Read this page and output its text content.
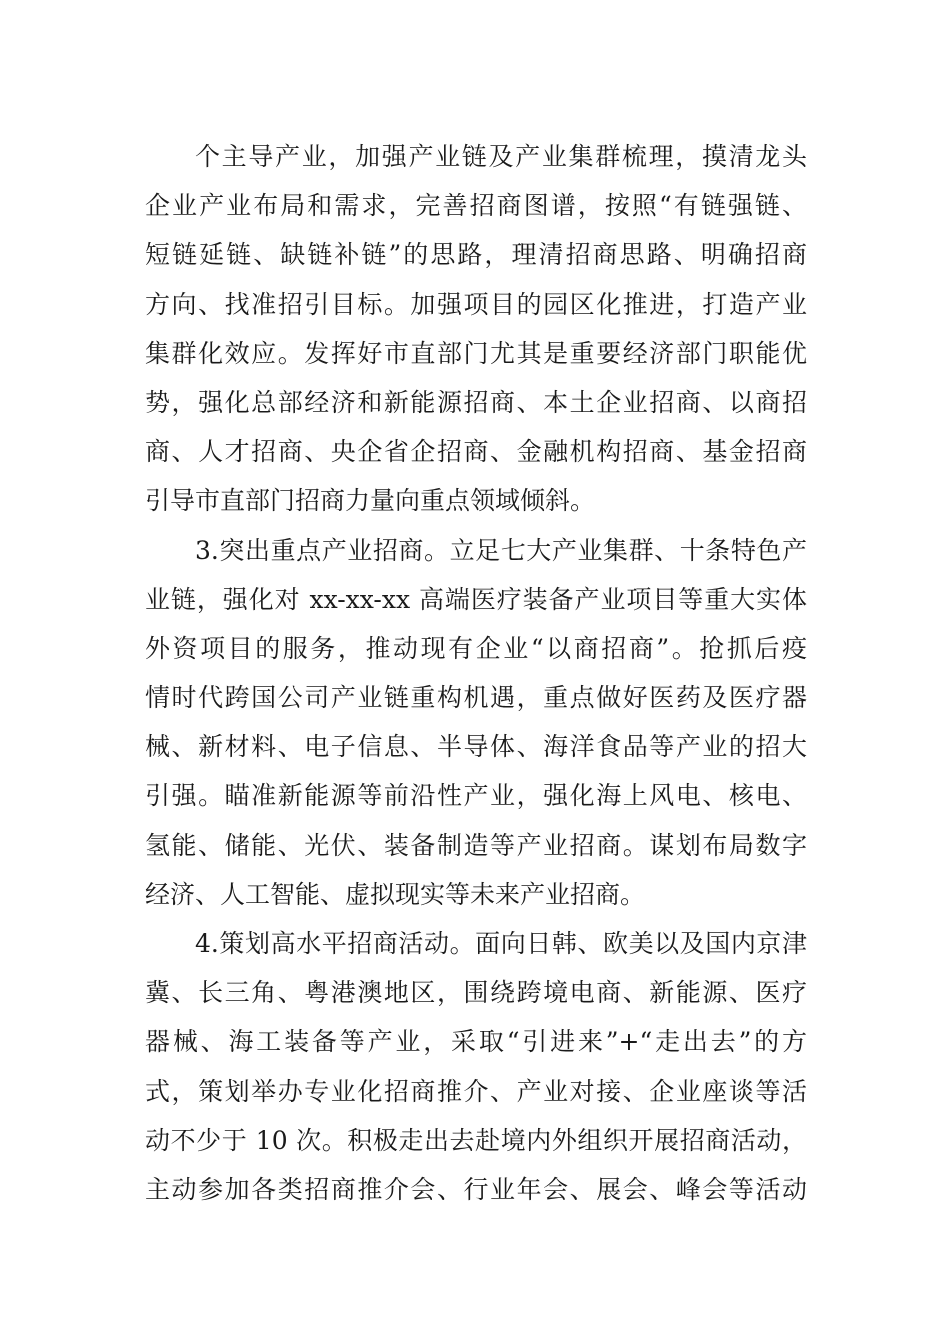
个主导产业，加强产业链及产业集群梳理，摸清龙头
企业产业布局和需求，完善招商图谱，按照“有链强链、
短链延链、缺链补链”的思路，理清招商思路、明确招商
方向、找准招引目标。加强项目的园区化推进，打造产业
集群化效应。发挥好市直部门尤其是重要经济部门职能优
势，强化总部经济和新能源招商、本土企业招商、以商招
商、人才招商、央企省企招商、金融机构招商、基金招商
引导市直部门招商力量向重点领域倾斜。
3.突出重点产业招商。立足七大产业集群、十条特色产
业链，强化对 xx-xx-xx 高端医疗装备产业项目等重大实体
外资项目的服务，推动现有企业“以商招商”。抢抓后疫
情时代跨国公司产业链重构机遇，重点做好医药及医疗器
械、新材料、电子信息、半导体、海洋食品等产业的招大
引强。瞄准新能源等前沿性产业，强化海上风电、核电、
氢能、储能、光伏、装备制造等产业招商。谋划布局数字
经济、人工智能、虚拟现实等未来产业招商。
4.策划高水平招商活动。面向日韩、欧美以及国内京津
冀、长三角、粤港澳地区，围绕跨境电商、新能源、医疗
器械、海工装备等产业，采取“引进来”+“走出去”的方
式，策划举办专业化招商推介、产业对接、企业座谈等活
动不少于 10 次。积极走出去赴境内外组织开展招商活动，
主动参加各类招商推介会、行业年会、展会、峰会等活动
